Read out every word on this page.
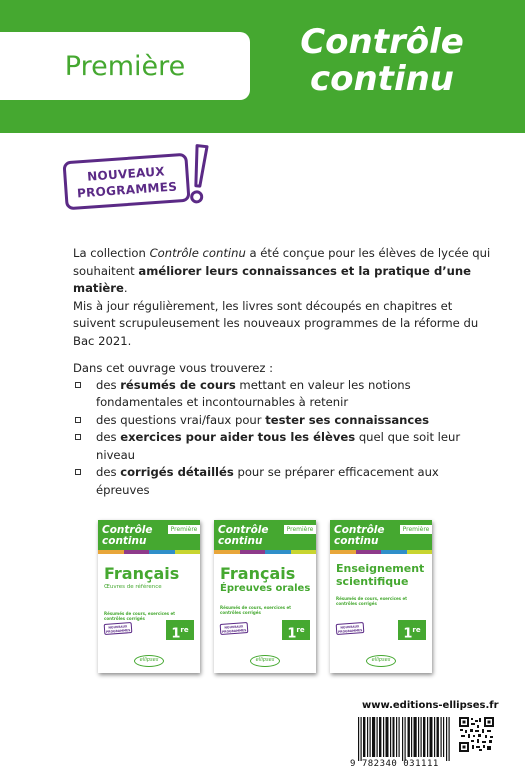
Première
Contrôle
continu
NOUVEAUX
PROGRAMMES

La collection Contrôle continu a été conçue pour les élèves de lycée qui souhaitent améliorer leurs connaissances et la pratique d’une matière.
Mis à jour régulièrement, les livres sont découpés en chapitres et suivent scrupuleusement les nouveaux programmes de la réforme du Bac 2021.

Dans cet ouvrage vous trouverez :

des résumés de cours mettant en valeur les notions fondamentales et incontournables à retenir
des questions vrai/faux pour tester ses connaissances
des exercices pour aider tous les élèves quel que soit leur niveau
des corrigés détaillés pour se préparer efficacement aux épreuves
Contrôle
continu
Première
Français
Œuvres de référence
Résumés de cours, exercices et contrôles corrigés
NOUVEAUX PROGRAMMES	1re
ellipses
Contrôle
continu
Première
Français
Épreuves orales
Résumés de cours, exercices et contrôles corrigés
NOUVEAUX PROGRAMMES	1re
ellipses
Contrôle
continu
Première
Enseignement scientifique
Résumés de cours, exercices et contrôles corrigés
NOUVEAUX PROGRAMMES	1re
ellipses
www.editions-ellipses.fr
9 782340 031111
